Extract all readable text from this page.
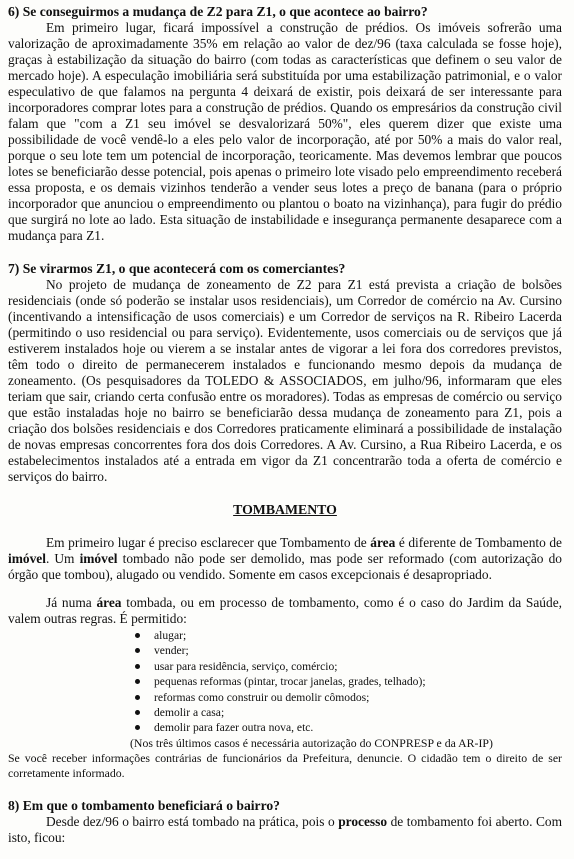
6) Se conseguirmos a mudança de Z2 para Z1, o que acontece ao bairro?

Em primeiro lugar, ficará impossível a construção de prédios. Os imóveis sofrerão uma valorização de aproximadamente 35% em relação ao valor de dez/96 (taxa calculada se fosse hoje), graças à estabilização da situação do bairro (com todas as características que definem o seu valor de mercado hoje). A especulação imobiliária será substituída por uma estabilização patrimonial, e o valor especulativo de que falamos na pergunta 4 deixará de existir, pois deixará de ser interessante para incorporadores comprar lotes para a construção de prédios. Quando os empresários da construção civil falam que "com a Z1 seu imóvel se desvalorizará 50%", eles querem dizer que existe uma possibilidade de você vendê-lo a eles pelo valor de incorporação, até por 50% a mais do valor real, porque o seu lote tem um potencial de incorporação, teoricamente. Mas devemos lembrar que poucos lotes se beneficiarão desse potencial, pois apenas o primeiro lote visado pelo empreendimento receberá essa proposta, e os demais vizinhos tenderão a vender seus lotes a preço de banana (para o próprio incorporador que anunciou o empreendimento ou plantou o boato na vizinhança), para fugir do prédio que surgirá no lote ao lado. Esta situação de instabilidade e insegurança permanente desaparece com a mudança para Z1.

7) Se virarmos Z1, o que acontecerá com os comerciantes?

No projeto de mudança de zoneamento de Z2 para Z1 está prevista a criação de bolsões residenciais (onde só poderão se instalar usos residenciais), um Corredor de comércio na Av. Cursino (incentivando a intensificação de usos comerciais) e um Corredor de serviços na R. Ribeiro Lacerda (permitindo o uso residencial ou para serviço). Evidentemente, usos comerciais ou de serviços que já estiverem instalados hoje ou vierem a se instalar antes de vigorar a lei fora dos corredores previstos, têm todo o direito de permanecerem instalados e funcionando mesmo depois da mudança de zoneamento. (Os pesquisadores da TOLEDO & ASSOCIADOS, em julho/96, informaram que eles teriam que sair, criando certa confusão entre os moradores). Todas as empresas de comércio ou serviço que estão instaladas hoje no bairro se beneficiarão dessa mudança de zoneamento para Z1, pois a criação dos bolsões residenciais e dos Corredores praticamente eliminará a possibilidade de instalação de novas empresas concorrentes fora dos dois Corredores. A Av. Cursino, a Rua Ribeiro Lacerda, e os estabelecimentos instalados até a entrada em vigor da Z1 concentrarão toda a oferta de comércio e serviços do bairro.

TOMBAMENTO

Em primeiro lugar é preciso esclarecer que Tombamento de área é diferente de Tombamento de imóvel. Um imóvel tombado não pode ser demolido, mas pode ser reformado (com autorização do órgão que tombou), alugado ou vendido. Somente em casos excepcionais é desapropriado.

Já numa área tombada, ou em processo de tombamento, como é o caso do Jardim da Saúde, valem outras regras. É permitido:

alugar;
vender;
usar para residência, serviço, comércio;
pequenas reformas (pintar, trocar janelas, grades, telhado);
reformas como construir ou demolir cômodos;
demolir a casa;
demolir para fazer outra nova, etc.

(Nos três últimos casos é necessária autorização do CONPRESP e da AR-IP)

Se você receber informações contrárias de funcionários da Prefeitura, denuncie. O cidadão tem o direito de ser corretamente informado.

8) Em que o tombamento beneficiará o bairro?

Desde dez/96 o bairro está tombado na prática, pois o processo de tombamento foi aberto. Com isto, ficou:
